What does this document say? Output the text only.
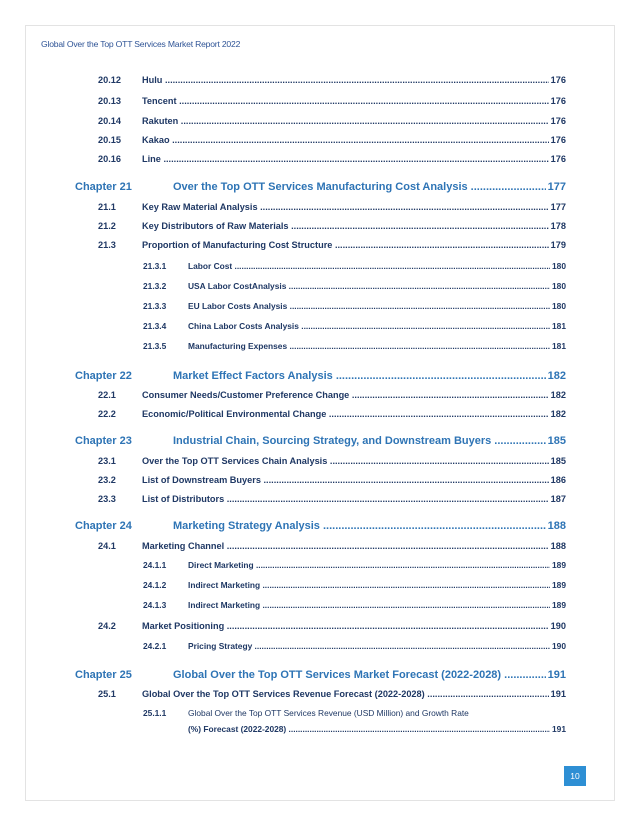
Global Over the Top OTT Services Market Report 2022
20.12 Hulu .....	176
20.13 Tencent .....	176
20.14 Rakuten .....	176
20.15 Kakao .....	176
20.16 Line .....	176
Chapter 21	Over the Top OTT Services Manufacturing Cost Analysis .....	177
21.1	Key Raw Material Analysis .....	177
21.2	Key Distributors of Raw Materials .....	178
21.3	Proportion of Manufacturing Cost Structure .....	179
21.3.1	Labor Cost .....	180
21.3.2	USA Labor CostAnalysis .....	180
21.3.3	EU Labor Costs Analysis .....	180
21.3.4	China Labor Costs Analysis .....	181
21.3.5	Manufacturing Expenses .....	181
Chapter 22	Market Effect Factors Analysis .....	182
22.1	Consumer Needs/Customer Preference Change .....	182
22.2	Economic/Political Environmental Change .....	182
Chapter 23	Industrial Chain, Sourcing Strategy, and Downstream Buyers .....	185
23.1	Over the Top OTT Services Chain Analysis .....	185
23.2	List of Downstream Buyers .....	186
23.3	List of Distributors .....	187
Chapter 24	Marketing Strategy Analysis .....	188
24.1	Marketing Channel .....	188
24.1.1	Direct Marketing .....	189
24.1.2	Indirect Marketing .....	189
24.1.3	Indirect Marketing .....	189
24.2	Market Positioning .....	190
24.2.1	Pricing Strategy .....	190
Chapter 25	Global Over the Top OTT Services Market Forecast (2022-2028) .....	191
25.1	Global Over the Top OTT Services Revenue Forecast (2022-2028) .....	191
25.1.1	Global Over the Top OTT Services Revenue (USD Million) and Growth Rate
(%) Forecast (2022-2028) .....	191
10
